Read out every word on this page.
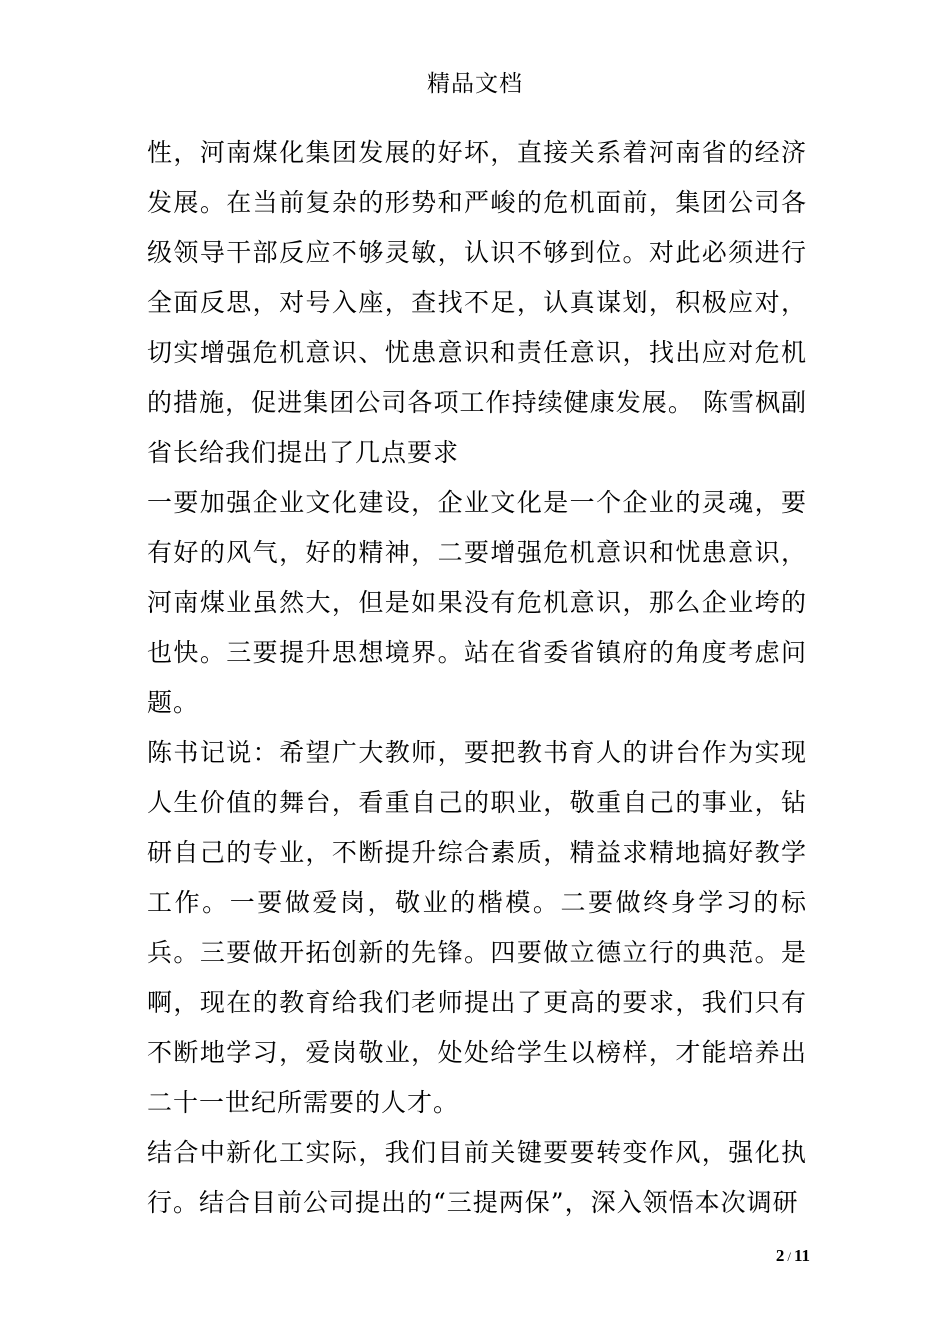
精品文档

性，河南煤化集团发展的好坏，直接关系着河南省的经济发展。在当前复杂的形势和严峻的危机面前，集团公司各级领导干部反应不够灵敏，认识不够到位。对此必须进行全面反思，对号入座，查找不足，认真谋划，积极应对，切实增强危机意识、忧患意识和责任意识，找出应对危机的措施，促进集团公司各项工作持续健康发展。 陈雪枫副省长给我们提出了几点要求

一要加强企业文化建设，企业文化是一个企业的灵魂，要有好的风气，好的精神，二要增强危机意识和忧患意识，河南煤业虽然大，但是如果没有危机意识，那么企业垮的也快。三要提升思想境界。站在省委省镇府的角度考虑问题。

陈书记说：希望广大教师，要把教书育人的讲台作为实现人生价值的舞台，看重自己的职业，敬重自己的事业，钻研自己的专业，不断提升综合素质，精益求精地搞好教学工作。一要做爱岗，敬业的楷模。二要做终身学习的标兵。三要做开拓创新的先锋。四要做立德立行的典范。是啊，现在的教育给我们老师提出了更高的要求，我们只有不断地学习，爱岗敬业，处处给学生以榜样，才能培养出二十一世纪所需要的人才。

结合中新化工实际，我们目前关键要要转变作风，强化执行。结合目前公司提出的“三提两保”，深入领悟本次调研

2 / 11
